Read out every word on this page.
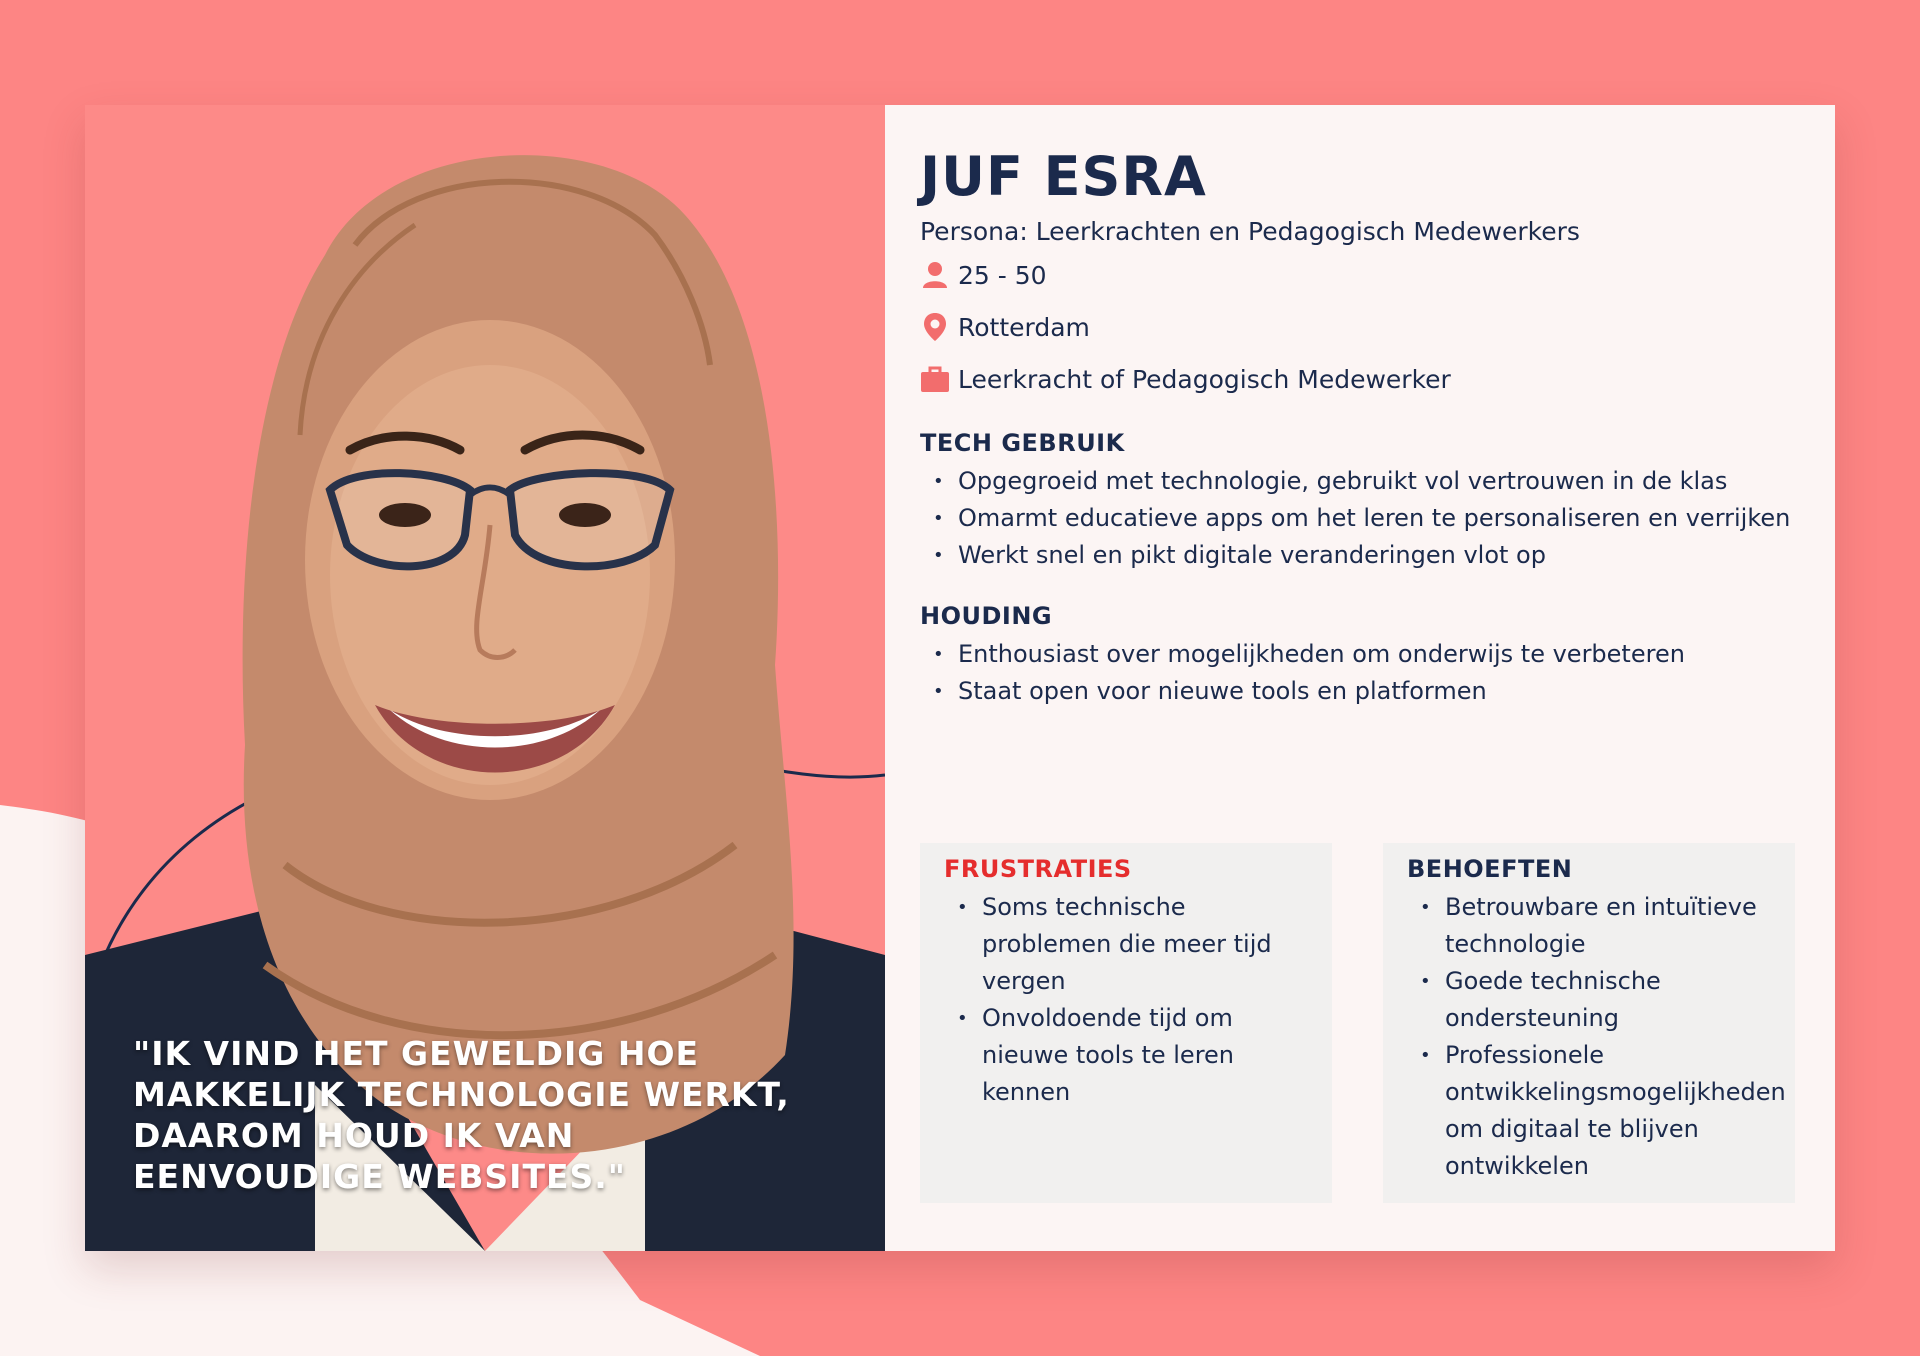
"IK VIND HET GEWELDIG HOE MAKKELIJK TECHNOLOGIE WERKT, DAAROM HOUD IK VAN EENVOUDIGE WEBSITES."
JUF ESRA
Persona: Leerkrachten en Pedagogisch Medewerkers
25 - 50
Rotterdam
Leerkracht of Pedagogisch Medewerker
TECH GEBRUIK
• Opgegroeid met technologie, gebruikt vol vertrouwen in de klas
• Omarmt educatieve apps om het leren te personaliseren en verrijken
• Werkt snel en pikt digitale veranderingen vlot op
HOUDING
• Enthousiast over mogelijkheden om onderwijs te verbeteren
• Staat open voor nieuwe tools en platformen
FRUSTRATIES
• Soms technische problemen die meer tijd vergen
• Onvoldoende tijd om nieuwe tools te leren kennen
BEHOEFTEN
• Betrouwbare en intuïtieve technologie
• Goede technische ondersteuning
• Professionele ontwikkelingsmogelijkheden om digitaal te blijven ontwikkelen
